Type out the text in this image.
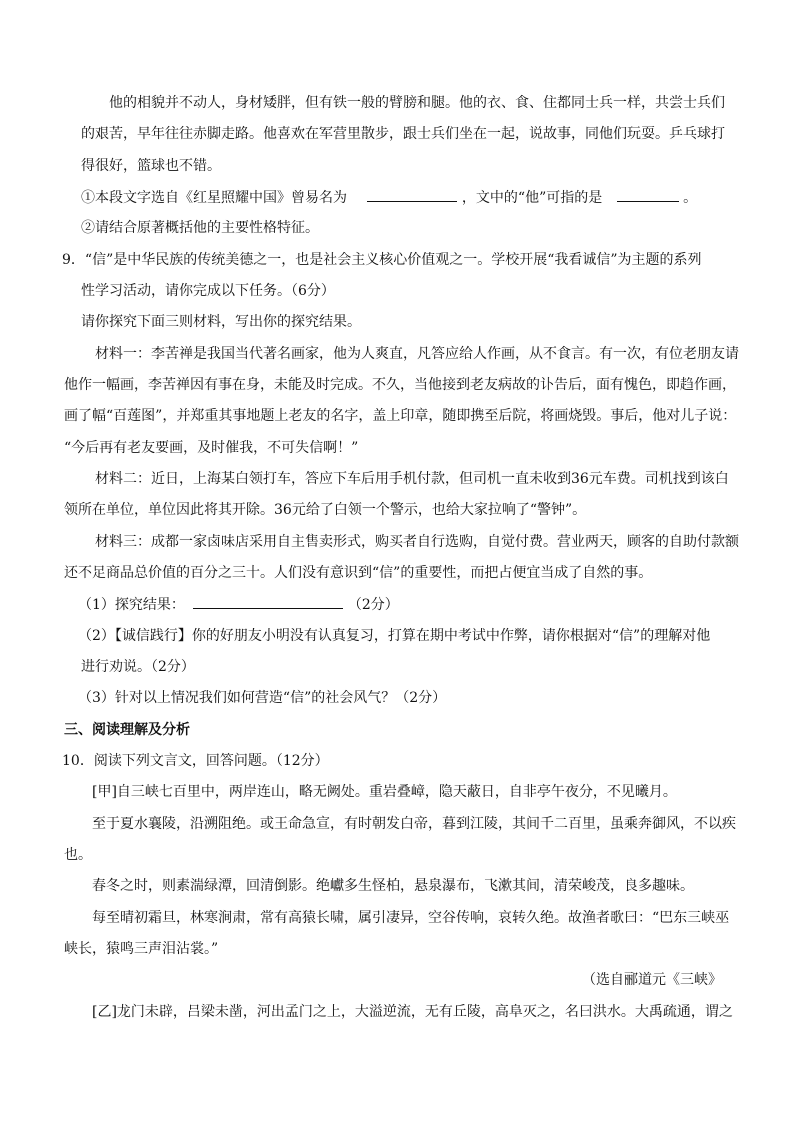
他的相貌并不动人，身材矮胖，但有铁一般的臂膀和腿。他的衣、食、住都同士兵一样，共尝士兵们
的艰苦，早年往往赤脚走路。他喜欢在军营里散步，跟士兵们坐在一起，说故事，同他们玩耍。乒乓球打
得很好，篮球也不错。
①本段文字选自《红星照耀中国》曾易名为	，文中的“他”可指的是	。
②请结合原著概括他的主要性格特征。
9．“信”是中华民族的传统美德之一，也是社会主义核心价值观之一。学校开展“我看诚信”为主题的系列
性学习活动，请你完成以下任务。（6分）
请你探究下面三则材料，写出你的探究结果。
材料一：李苦禅是我国当代著名画家，他为人爽直，凡答应给人作画，从不食言。有一次，有位老朋友请
他作一幅画，李苦禅因有事在身，未能及时完成。不久，当他接到老友病故的讣告后，面有愧色，即趋作画，
画了幅“百莲图”，并郑重其事地题上老友的名字，盖上印章，随即携至后院，将画烧毁。事后，他对儿子说：
“今后再有老友要画，及时催我，不可失信啊！”
材料二：近日，上海某白领打车，答应下车后用手机付款，但司机一直未收到36元车费。司机找到该白
领所在单位，单位因此将其开除。36元给了白领一个警示，也给大家拉响了“警钟”。
材料三：成都一家卤味店采用自主售卖形式，购买者自行选购，自觉付费。营业两天，顾客的自助付款额
还不足商品总价值的百分之三十。人们没有意识到“信”的重要性，而把占便宜当成了自然的事。
（1）探究结果：	（2分）
（2）【诚信践行】你的好朋友小明没有认真复习，打算在期中考试中作弊，请你根据对“信”的理解对他
进行劝说。（2分）
（3）针对以上情况我们如何营造“信”的社会风气？（2分）
三、阅读理解及分析
10．阅读下列文言文，回答问题。（12分）
[甲]自三峡七百里中，两岸连山，略无阙处。重岩叠嶂，隐天蔽日，自非亭午夜分，不见曦月。
至于夏水襄陵，沿溯阻绝。或王命急宣，有时朝发白帝，暮到江陵，其间千二百里，虽乘奔御风，不以疾
也。
春冬之时，则素湍绿潭，回清倒影。绝巘多生怪柏，悬泉瀑布，飞漱其间，清荣峻茂，良多趣味。
每至晴初霜旦，林寒涧肃，常有高猿长啸，属引凄异，空谷传响，哀转久绝。故渔者歌曰：“巴东三峡巫
峡长，猿鸣三声泪沾裳。”
（选自郦道元《三峡》
[乙]龙门未辟，吕梁未凿，河出孟门之上，大溢逆流，无有丘陵，高阜灭之，名曰洪水。大禹疏通，谓之
